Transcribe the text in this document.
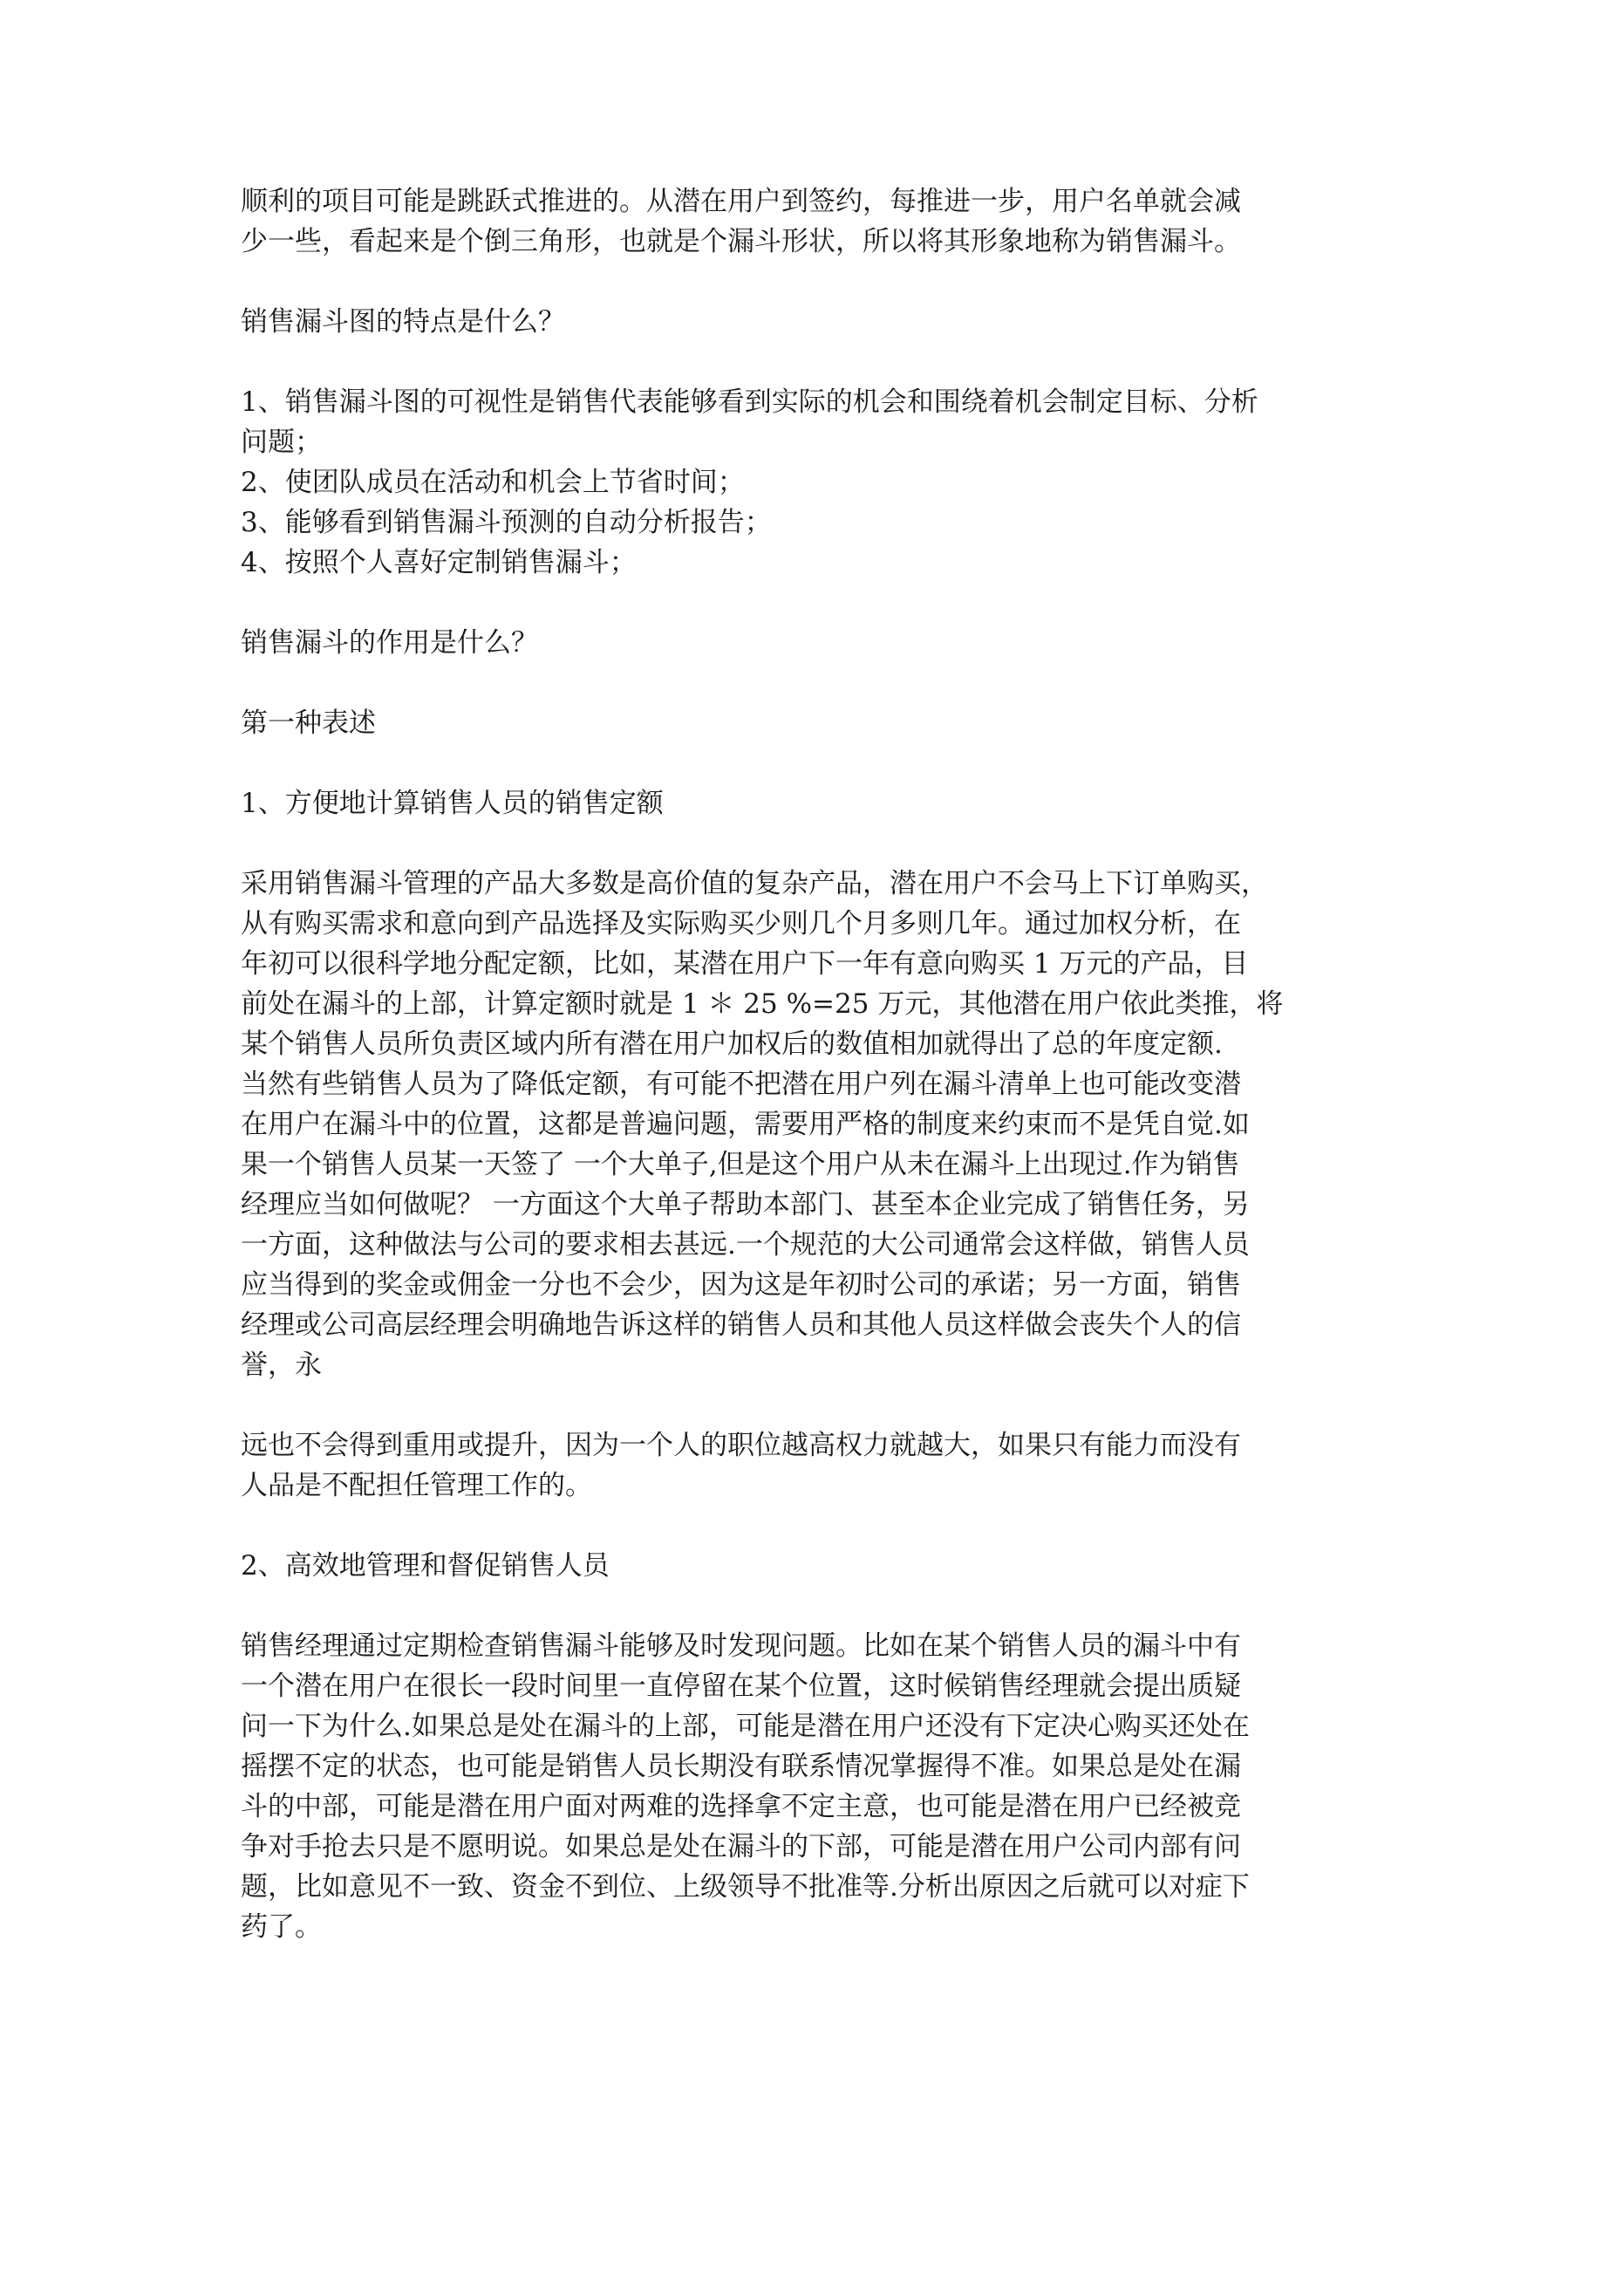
顺利的项目可能是跳跃式推进的。从潜在用户到签约，每推进一步，用户名单就会减
少一些，看起来是个倒三角形，也就是个漏斗形状，所以将其形象地称为销售漏斗。

销售漏斗图的特点是什么？

1、销售漏斗图的可视性是销售代表能够看到实际的机会和围绕着机会制定目标、分析
问题；
2、使团队成员在活动和机会上节省时间；
3、能够看到销售漏斗预测的自动分析报告；
4、按照个人喜好定制销售漏斗；

销售漏斗的作用是什么？

第一种表述

1、方便地计算销售人员的销售定额

采用销售漏斗管理的产品大多数是高价值的复杂产品，潜在用户不会马上下订单购买，
从有购买需求和意向到产品选择及实际购买少则几个月多则几年。通过加权分析，在
年初可以很科学地分配定额，比如，某潜在用户下一年有意向购买 1 万元的产品，目
前处在漏斗的上部，计算定额时就是 1 ＊ 25 %=25 万元，其他潜在用户依此类推，将
某个销售人员所负责区域内所有潜在用户加权后的数值相加就得出了总的年度定额.
当然有些销售人员为了降低定额，有可能不把潜在用户列在漏斗清单上也可能改变潜
在用户在漏斗中的位置，这都是普遍问题，需要用严格的制度来约束而不是凭自觉.如
果一个销售人员某一天签了 一个大单子,但是这个用户从未在漏斗上出现过.作为销售
经理应当如何做呢？ 一方面这个大单子帮助本部门、甚至本企业完成了销售任务，另
一方面，这种做法与公司的要求相去甚远.一个规范的大公司通常会这样做，销售人员
应当得到的奖金或佣金一分也不会少，因为这是年初时公司的承诺；另一方面，销售
经理或公司高层经理会明确地告诉这样的销售人员和其他人员这样做会丧失个人的信
誉，永

远也不会得到重用或提升，因为一个人的职位越高权力就越大，如果只有能力而没有
人品是不配担任管理工作的。

2、高效地管理和督促销售人员

销售经理通过定期检查销售漏斗能够及时发现问题。比如在某个销售人员的漏斗中有
一个潜在用户在很长一段时间里一直停留在某个位置，这时候销售经理就会提出质疑
问一下为什么.如果总是处在漏斗的上部，可能是潜在用户还没有下定决心购买还处在
摇摆不定的状态，也可能是销售人员长期没有联系情况掌握得不准。如果总是处在漏
斗的中部，可能是潜在用户面对两难的选择拿不定主意，也可能是潜在用户已经被竞
争对手抢去只是不愿明说。如果总是处在漏斗的下部，可能是潜在用户公司内部有问
题，比如意见不一致、资金不到位、上级领导不批准等.分析出原因之后就可以对症下
药了。
